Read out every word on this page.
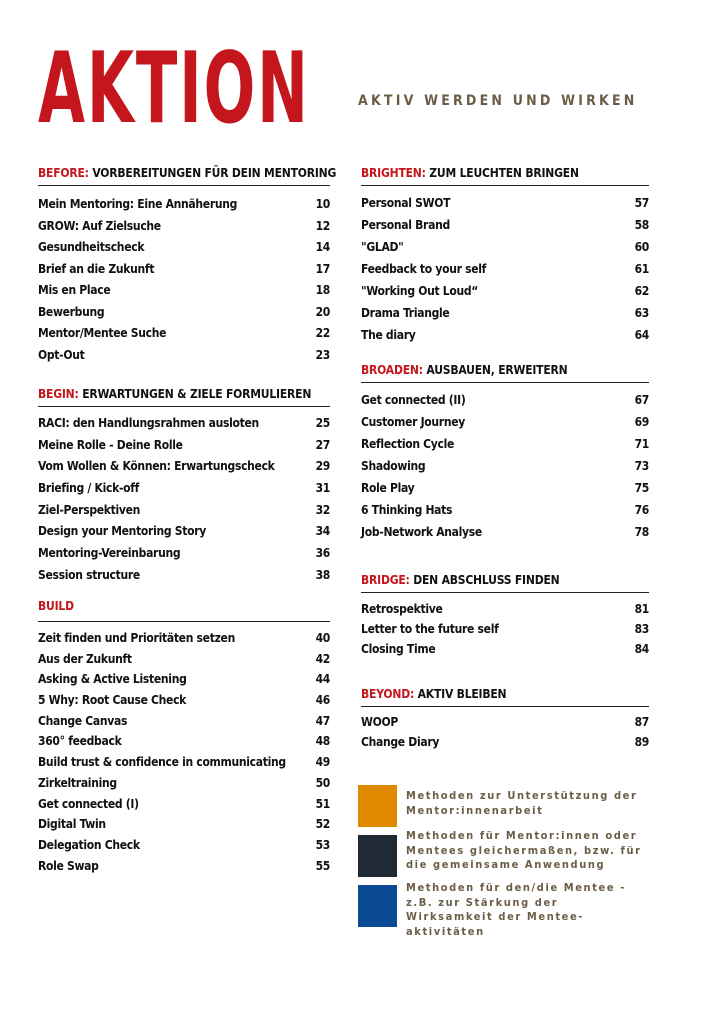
AKTION	AKTIV WERDEN UND WIRKEN
BEFORE: VORBEREITUNGEN FÜR DEIN MENTORING
Mein Mentoring: Eine Annäherung	10
GROW: Auf Zielsuche	12
Gesundheitscheck	14
Brief an die Zukunft	17
Mis en Place	18
Bewerbung	20
Mentor/Mentee Suche	22
Opt-Out	23
BEGIN: ERWARTUNGEN & ZIELE FORMULIEREN
RACI: den Handlungsrahmen ausloten	25
Meine Rolle - Deine Rolle	27
Vom Wollen & Können: Erwartungscheck	29
Briefing / Kick-off	31
Ziel-Perspektiven	32
Design your Mentoring Story	34
Mentoring-Vereinbarung	36
Session structure	38
BUILD
Zeit finden und Prioritäten setzen	40
Aus der Zukunft	42
Asking & Active Listening	44
5 Why: Root Cause Check	46
Change Canvas	47
360° feedback	48
Build trust & confidence in communicating 49
Zirkeltraining	50
Get connected (I)	51
Digital Twin	52
Delegation Check	53
Role Swap	55
BRIGHTEN: ZUM LEUCHTEN BRINGEN
Personal SWOT	57
Personal Brand	58
"GLAD"	60
Feedback to your self	61
"Working Out Loud“	62
Drama Triangle	63
The diary	64
BROADEN: AUSBAUEN, ERWEITERN
Get connected (II)	67
Customer Journey	69
Reflection Cycle	71
Shadowing	73
Role Play	75
6 Thinking Hats	76
Job-Network Analyse	78
BRIDGE: DEN ABSCHLUSS FINDEN
Retrospektive	81
Letter to the future self	83
Closing Time	84
BEYOND: AKTIV BLEIBEN
WOOP	87
Change Diary	89
Methoden zur Unterstützung der Mentor:innenarbeit
Methoden für Mentor:innen oder Mentees gleichermaßen, bzw. für die gemeinsame Anwendung
Methoden für den/die Mentee - z.B. zur Stärkung der Wirksamkeit der Mentee-aktivitäten
